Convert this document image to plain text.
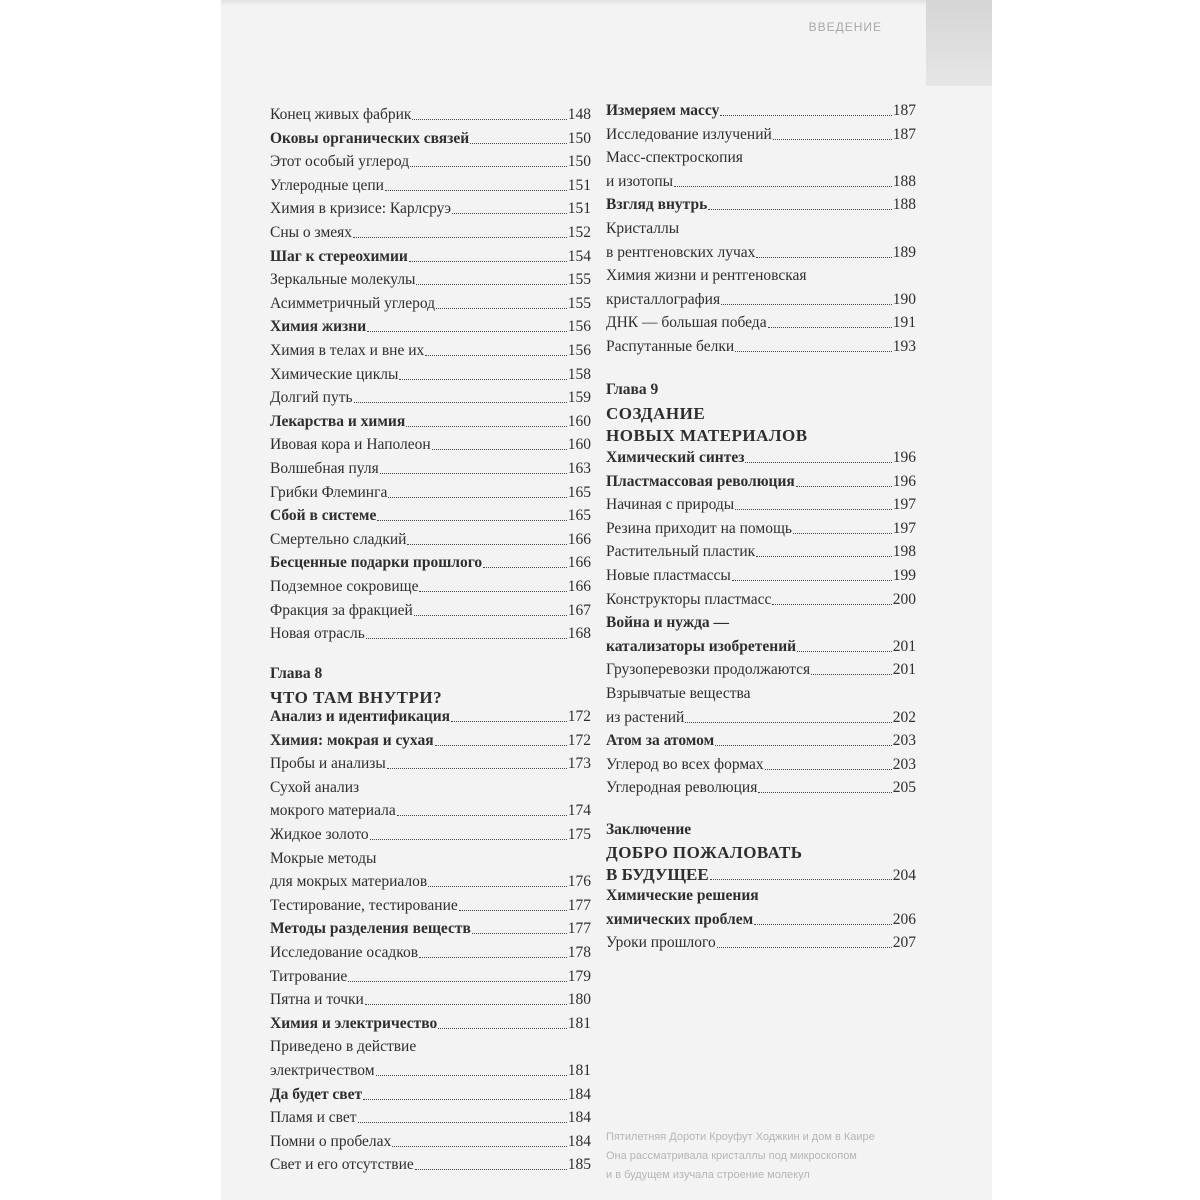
ВВЕДЕНИЕ
Конец живых фабрик	148
Оковы органических связей	150
Этот особый углерод	150
Углеродные цепи	151
Химия в кризисе: Карлсруэ	151
Сны о змеях	152
Шаг к стереохимии	154
Зеркальные молекулы	155
Асимметричный углерод	155
Химия жизни	156
Химия в телах и вне их	156
Химические циклы	158
Долгий путь	159
Лекарства и химия	160
Ивовая кора и Наполеон	160
Волшебная пуля	163
Грибки Флеминга	165
Сбой в системе	165
Смертельно сладкий	166
Бесценные подарки прошлого	166
Подземное сокровище	166
Фракция за фракцией	167
Новая отрасль	168
Глава 8
ЧТО ТАМ ВНУТРИ?
Анализ и идентификация	172
Химия: мокрая и сухая	172
Пробы и анализы	173
Сухой анализ
мокрого материала	174
Жидкое золото	175
Мокрые методы
для мокрых материалов	176
Тестирование, тестирование	177
Методы разделения веществ	177
Исследование осадков	178
Титрование	179
Пятна и точки	180
Химия и электричество	181
Приведено в действие
электричеством	181
Да будет свет	184
Пламя и свет	184
Помни о пробелах	184
Свет и его отсутствие	185
Измеряем массу	187
Исследование излучений	187
Масс-спектроскопия
и изотопы	188
Взгляд внутрь	188
Кристаллы
в рентгеновских лучах	189
Химия жизни и рентгеновская
кристаллография	190
ДНК — большая победа	191
Распутанные белки	193
Глава 9
СОЗДАНИЕ
НОВЫХ МАТЕРИАЛОВ
Химический синтез	196
Пластмассовая революция	196
Начиная с природы	197
Резина приходит на помощь	197
Растительный пластик	198
Новые пластмассы	199
Конструкторы пластмасс	200
Война и нужда —
катализаторы изобретений	201
Грузоперевозки продолжаются	201
Взрывчатые вещества
из растений	202
Атом за атомом	203
Углерод во всех формах	203
Углеродная революция	205
Заключение
ДОБРО ПОЖАЛОВАТЬ
В БУДУЩЕЕ	204
Химические решения
химических проблем	206
Уроки прошлого	207
Пятилетняя Дороти Кроуфут Ходжкин и дом в Каире
Она рассматривала кристаллы под микроскопом
и в будущем изучала строение молекул
